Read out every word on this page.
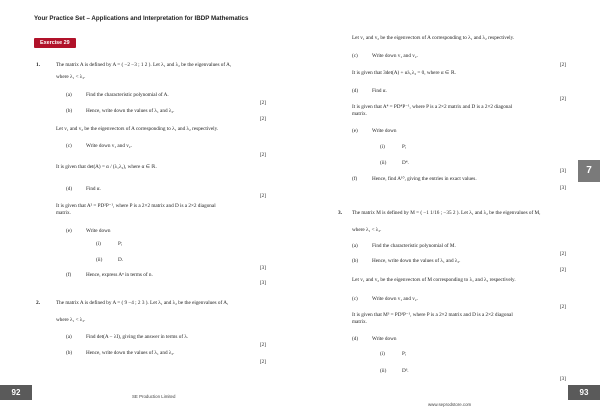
Your Practice Set – Applications and Interpretation for IBDP Mathematics
Exercise 29
1.	The matrix A is defined by A = ( −2 −3 ; 1 2 ). Let λ₁ and λ₂ be the eigenvalues of A,
where λ₁ < λ₂.
(a)	Find the characteristic polynomial of A.
[2]
(b)	Hence, write down the values of λ₁ and λ₂.
[2]
Let v₁ and v₂ be the eigenvectors of A corresponding to λ₁ and λ₂ respectively.
(c)	Write down v₁ and v₂.
[2]
It is given that det(A) = α / (λ₁λ₂), where α ∈ ℝ.
(d)	Find α.
[2]
It is given that A² = PD²P⁻¹, where P is a 2×2 matrix and D is a 2×2 diagonal
matrix.
(e)	Write down
(i)	P;
(ii)	D.
[3]
(f)	Hence, express Aⁿ in terms of n.
[3]
2.	The matrix A is defined by A = ( 9 −4 ; 2 3 ). Let λ₁ and λ₂ be the eigenvalues of A,
where λ₁ < λ₂.
(a)	Find det(A − λI), giving the answer in terms of λ.
[2]
(b)	Hence, write down the values of λ₁ and λ₂.
[2]
92	SE Production Limited
Let v₁ and v₂ be the eigenvectors of A corresponding to λ₁ and λ₂ respectively.
(c)	Write down v₁ and v₂.
[2]
It is given that 3det(A) + αλ₁λ₂ = 0, where α ∈ ℝ.
(d)	Find α.
[2]
It is given that A⁴ = PD⁴P⁻¹, where P is a 2×2 matrix and D is a 2×2 diagonal
matrix.
(e)	Write down
(i)	P;
(ii)	D⁴.
[3]
(f)	Hence, find A¹⁰, giving the entries in exact values.
[3]
3. The matrix M is defined by M = ( −1 1/16 ; −35 2 ). Let λ₁ and λ₂ be the eigenvalues of M,
where λ₁ < λ₂.
(a)	Find the characteristic polynomial of M.
[2]
(b)	Hence, write down the values of λ₁ and λ₂.
[2]
Let v₁ and v₂ be the eigenvectors of M corresponding to λ₁ and λ₂ respectively.
(c)	Write down v₁ and v₂.
[2]
It is given that M³ = PD³P⁻¹, where P is a 2×2 matrix and D is a 2×2 diagonal
matrix.
(d)	Write down
(i)	P;
(ii)	D³.
[3]
7
93
www.seprodstore.com
